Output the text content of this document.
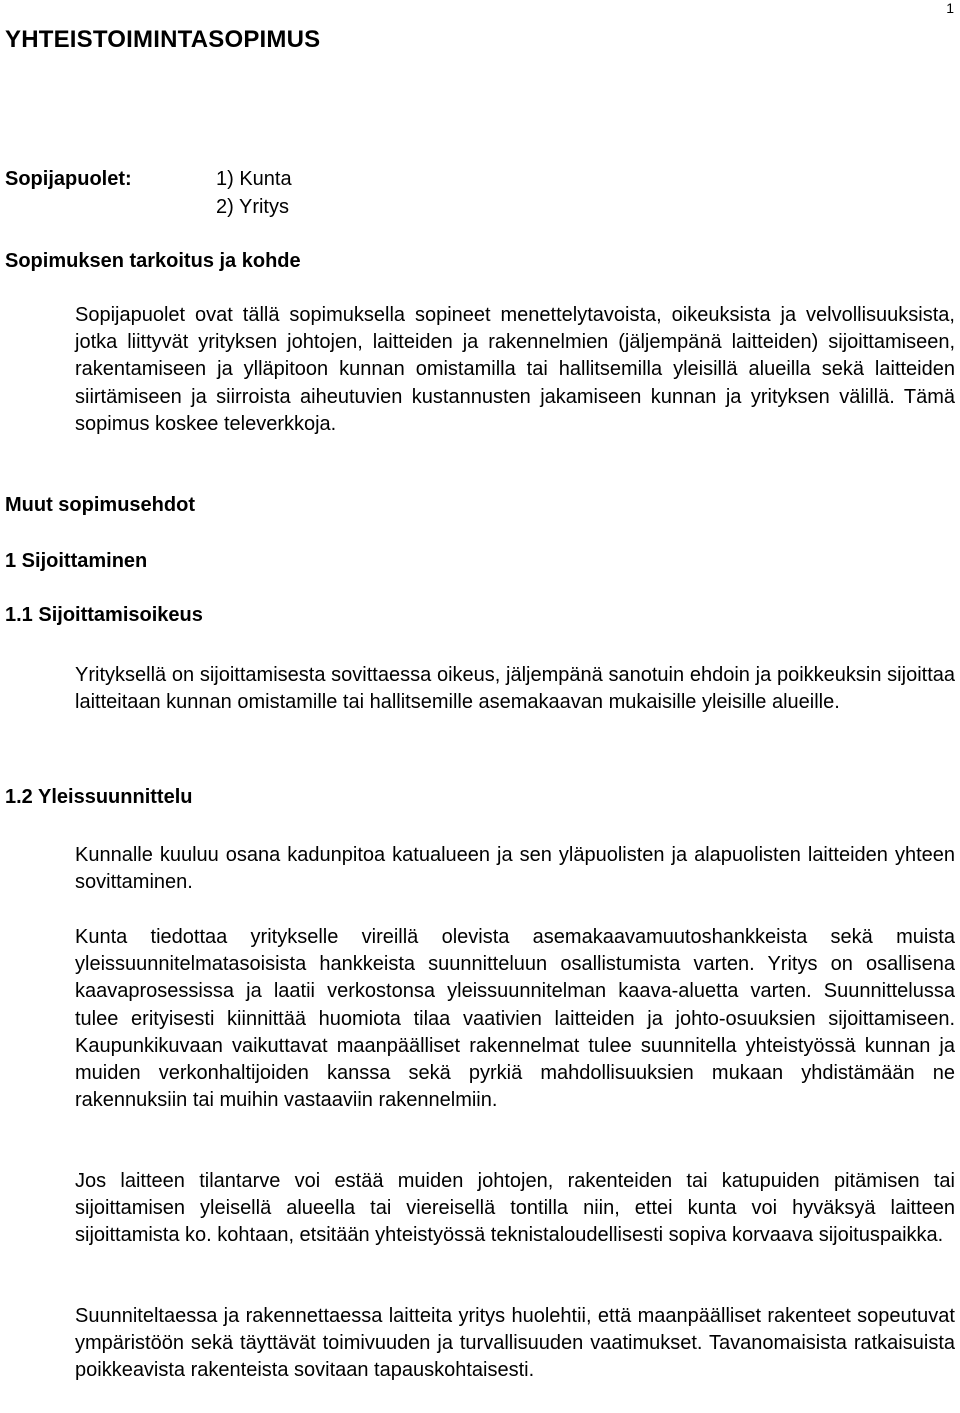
1
YHTEISTOIMINTASOPIMUS
Sopijapuolet:	1) Kunta
2) Yritys
Sopimuksen tarkoitus ja kohde

Sopijapuolet ovat tällä sopimuksella sopineet menettelytavoista, oikeuksista ja velvollisuuksista, jotka liittyvät yrityksen johtojen, laitteiden ja rakennelmien (jäljempänä laitteiden) sijoittamiseen, rakentamiseen ja ylläpitoon kunnan omistamilla tai hallitsemilla yleisillä alueilla sekä laitteiden siirtämiseen ja siirroista aiheutuvien kustannusten jakamiseen kunnan ja yrityksen välillä. Tämä sopimus koskee televerkkoja.

Muut sopimusehdot
1 Sijoittaminen
1.1 Sijoittamisoikeus

Yrityksellä on sijoittamisesta sovittaessa oikeus, jäljempänä sanotuin ehdoin ja poikkeuksin sijoittaa laitteitaan kunnan omistamille tai hallitsemille asemakaavan mukaisille yleisille alueille.

1.2 Yleissuunnittelu

Kunnalle kuuluu osana kadunpitoa katualueen ja sen yläpuolisten ja alapuolisten laitteiden yhteen sovittaminen.

Kunta tiedottaa yritykselle vireillä olevista asemakaavamuutoshankkeista sekä muista yleissuunnitelmatasoisista hankkeista suunnitteluun osallistumista varten. Yritys on osallisena kaavaprosessissa ja laatii verkostonsa yleissuunnitelman kaava-aluetta varten. Suunnittelussa tulee erityisesti kiinnittää huomiota tilaa vaativien laitteiden ja johto-osuuksien sijoittamiseen. Kaupunkikuvaan vaikuttavat maanpäälliset rakennelmat tulee suunnitella yhteistyössä kunnan ja muiden verkonhaltijoiden kanssa sekä pyrkiä mahdollisuuksien mukaan yhdistämään ne rakennuksiin tai muihin vastaaviin rakennelmiin.

Jos laitteen tilantarve voi estää muiden johtojen, rakenteiden tai katupuiden pitämisen tai sijoittamisen yleisellä alueella tai viereisellä tontilla niin, ettei kunta voi hyväksyä laitteen sijoittamista ko. kohtaan, etsitään yhteistyössä teknistaloudellisesti sopiva korvaava sijoituspaikka.

Suunniteltaessa ja rakennettaessa laitteita yritys huolehtii, että maanpäälliset rakenteet sopeutuvat ympäristöön sekä täyttävät toimivuuden ja turvallisuuden vaatimukset. Tavanomaisista ratkaisuista poikkeavista rakenteista sovitaan tapauskohtaisesti.
